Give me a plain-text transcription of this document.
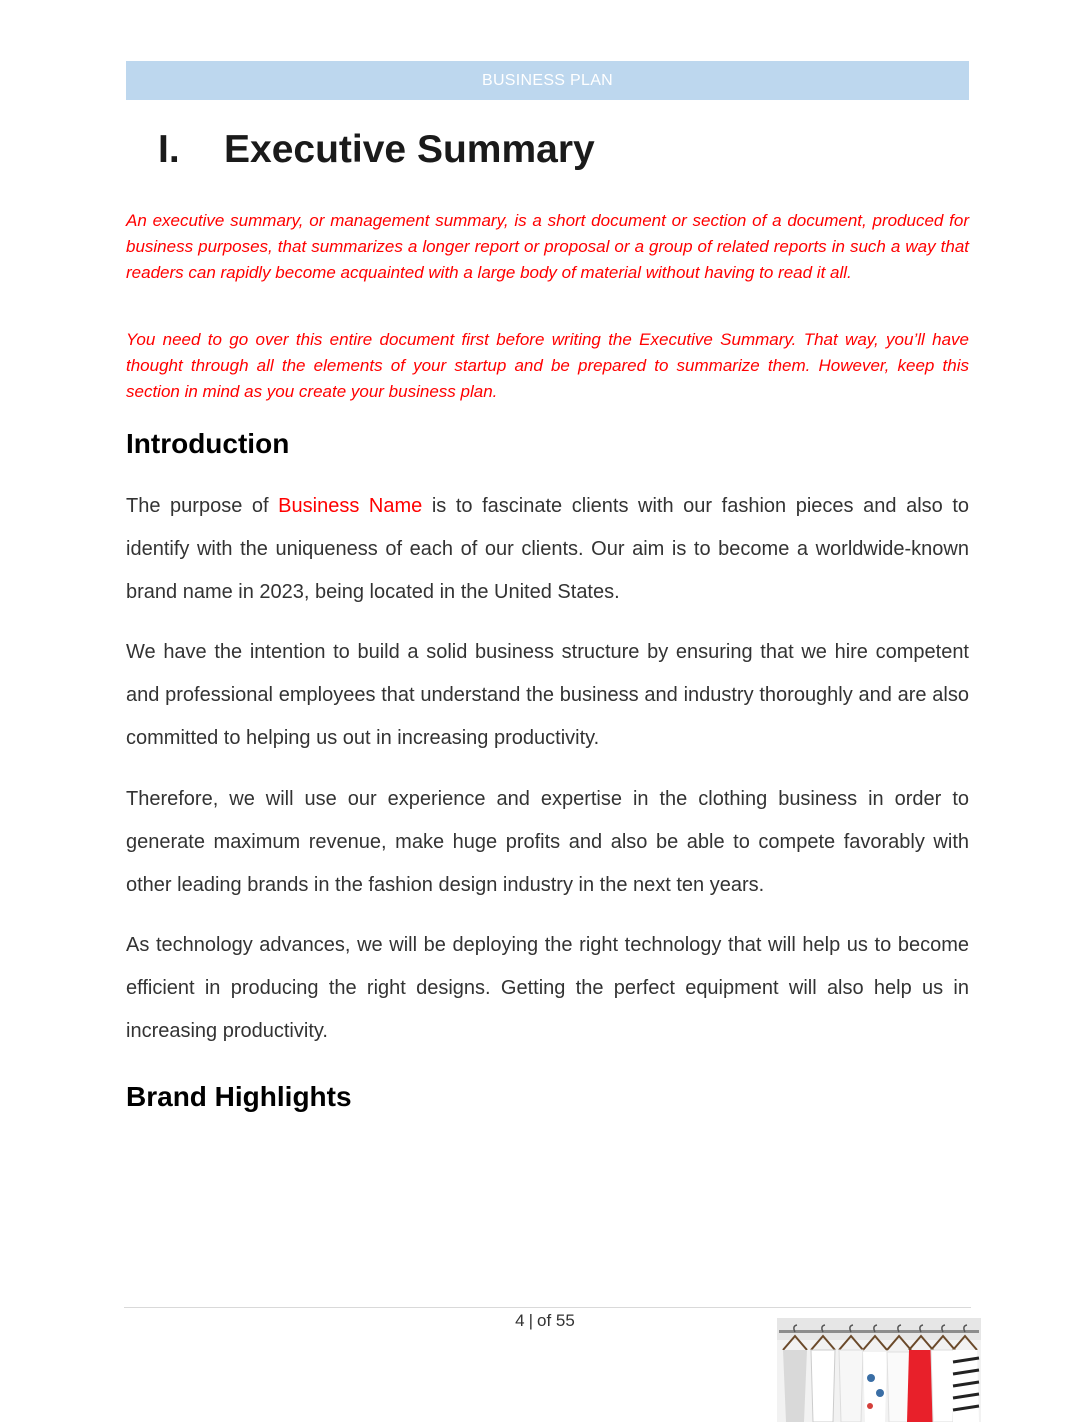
BUSINESS PLAN
I. Executive Summary

An executive summary, or management summary, is a short document or section of a document, produced for business purposes, that summarizes a longer report or proposal or a group of related reports in such a way that readers can rapidly become acquainted with a large body of material without having to read it all.

You need to go over this entire document first before writing the Executive Summary. That way, you’ll have thought through all the elements of your startup and be prepared to summarize them. However, keep this section in mind as you create your business plan.

Introduction

The purpose of Business Name is to fascinate clients with our fashion pieces and also to identify with the uniqueness of each of our clients. Our aim is to become a worldwide-known brand name in 2023, being located in the United States.

We have the intention to build a solid business structure by ensuring that we hire competent and professional employees that understand the business and industry thoroughly and are also committed to helping us out in increasing productivity.

Therefore, we will use our experience and expertise in the clothing business in order to generate maximum revenue, make huge profits and also be able to compete favorably with other leading brands in the fashion design industry in the next ten years.

As technology advances, we will be deploying the right technology that will help us to become efficient in producing the right designs. Getting the perfect equipment will also help us in increasing productivity.

Brand Highlights
4 | of 55
